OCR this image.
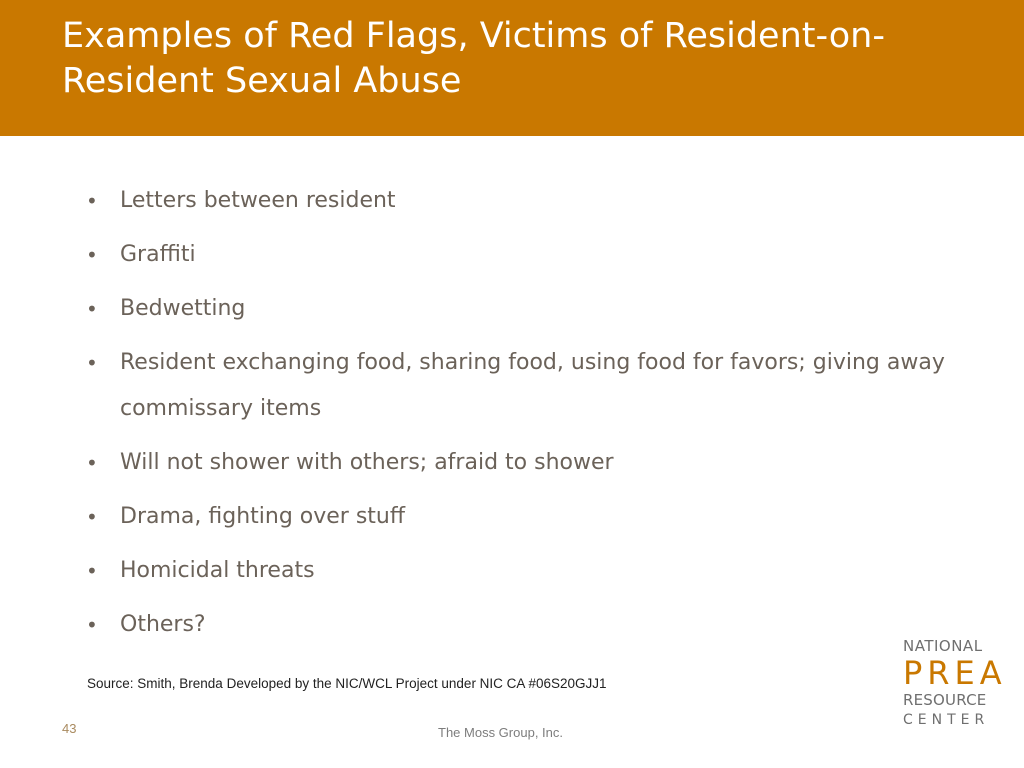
Examples of Red Flags, Victims of Resident-on-Resident Sexual Abuse
• Letters between resident
• Graffiti
• Bedwetting
• Resident exchanging food, sharing food, using food for favors; giving away commissary items
• Will not shower with others; afraid to shower
• Drama, fighting over stuff
• Homicidal threats
• Others?
Source: Smith, Brenda Developed by the NIC/WCL Project under NIC CA #06S20GJJ1
43	The Moss Group, Inc.
NATIONAL
PREA
RESOURCE
CENTER
